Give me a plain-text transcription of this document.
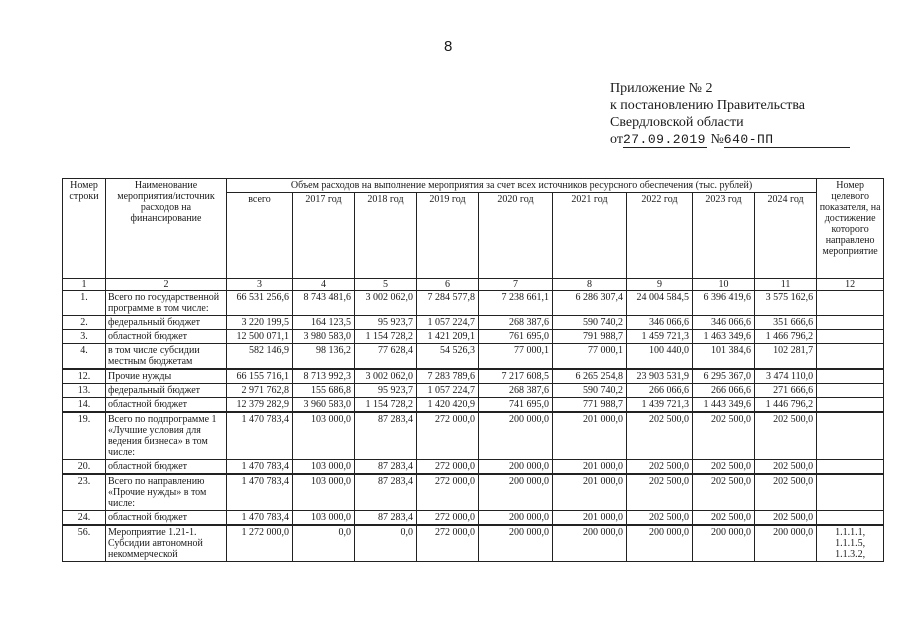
8
Приложение № 2
к постановлению Правительства
Свердловской области
от27.09.2019 №640-ПП
Номер строки	Наименование мероприятия/источник расходов на финансирование	Объем расходов на выполнение мероприятия за счет всех источников ресурсного обеспечения (тыс. рублей)									Номер целевого показателя, на достижение которого направлено мероприятие
		всего	2017 год	2018 год	2019 год	2020 год	2021 год	2022 год	2023 год	2024 год	
1	2	3	4	5	6	7	8	9	10	11	12
1.	Всего по государственной программе в том числе:	66 531 256,6	8 743 481,6	3 002 062,0	7 284 577,8	7 238 661,1	6 286 307,4	24 004 584,5	6 396 419,6	3 575 162,6	
2.	федеральный бюджет	3 220 199,5	164 123,5	95 923,7	1 057 224,7	268 387,6	590 740,2	346 066,6	346 066,6	351 666,6	
3.	областной бюджет	12 500 071,1	3 980 583,0	1 154 728,2	1 421 209,1	761 695,0	791 988,7	1 459 721,3	1 463 349,6	1 466 796,2	
4.	в том числе субсидии местным бюджетам	582 146,9	98 136,2	77 628,4	54 526,3	77 000,1	77 000,1	100 440,0	101 384,6	102 281,7	
12.	Прочие нужды	66 155 716,1	8 713 992,3	3 002 062,0	7 283 789,6	7 217 608,5	6 265 254,8	23 903 531,9	6 295 367,0	3 474 110,0	
13.	федеральный бюджет	2 971 762,8	155 686,8	95 923,7	1 057 224,7	268 387,6	590 740,2	266 066,6	266 066,6	271 666,6	
14.	областной бюджет	12 379 282,9	3 960 583,0	1 154 728,2	1 420 420,9	741 695,0	771 988,7	1 439 721,3	1 443 349,6	1 446 796,2	
19.	Всего по подпрограмме 1 «Лучшие условия для ведения бизнеса» в том числе:	1 470 783,4	103 000,0	87 283,4	272 000,0	200 000,0	201 000,0	202 500,0	202 500,0	202 500,0	
20.	областной бюджет	1 470 783,4	103 000,0	87 283,4	272 000,0	200 000,0	201 000,0	202 500,0	202 500,0	202 500,0	
23.	Всего по направлению «Прочие нужды» в том числе:	1 470 783,4	103 000,0	87 283,4	272 000,0	200 000,0	201 000,0	202 500,0	202 500,0	202 500,0	
24.	областной бюджет	1 470 783,4	103 000,0	87 283,4	272 000,0	200 000,0	201 000,0	202 500,0	202 500,0	202 500,0	
56.	Мероприятие 1.21-1. Субсидии автономной некоммерческой	1 272 000,0	0,0	0,0	272 000,0	200 000,0	200 000,0	200 000,0	200 000,0	200 000,0	1.1.1.1, 1.1.1.5, 1.1.3.2,
